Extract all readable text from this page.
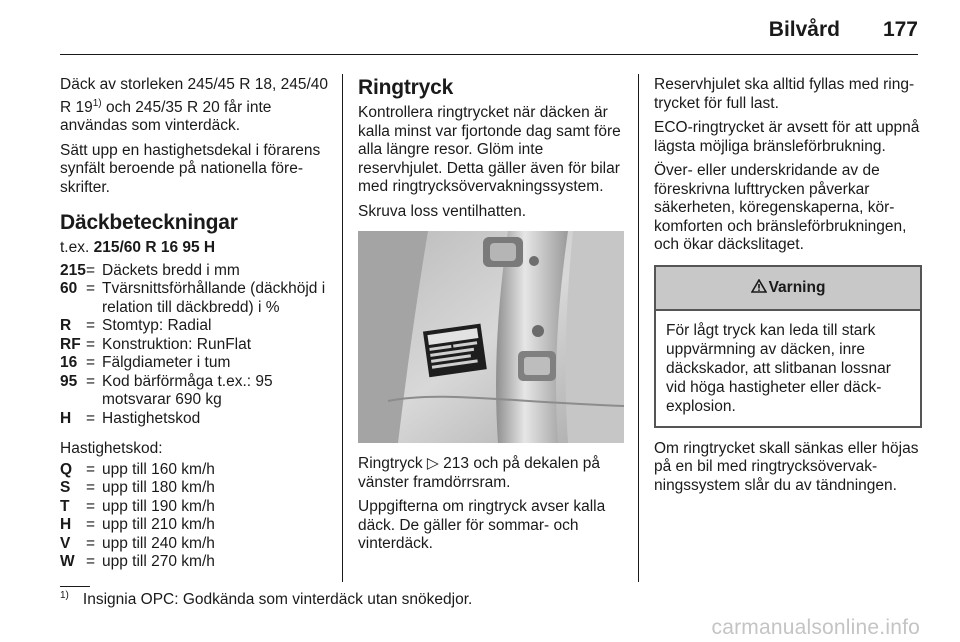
Bilvård 177

Däck av storleken 245/45 R 18, 245/40 R 19$^{1)}$ och 245/35 R 20 får inte användas som vinterdäck.

Sätt upp en hastighetsdekal i förarens synfält beroende på nationella föreskrifter.

Däckbeteckningar
t.ex. 215/60 R 16 95 H
215 = Däckets bredd i mm
60 = Tvärsnittsförhållande (däckhöjd i relation till däckbredd) i %
R = Stomtyp: Radial
RF = Konstruktion: RunFlat
16 = Fälgdiameter i tum
95 = Kod bärförmåga t.ex.: 95 motsvarar 690 kg
H = Hastighetskod

Hastighetskod:

Q = upp till 160 km/h
S	= upp till 180 km/h
T	= upp till 190 km/h
H = upp till 210 km/h
V	= upp till 240 km/h
W = upp till 270 km/h
Ringtryck

Kontrollera ringtrycket när däcken är kalla minst var fjortonde dag samt före alla längre resor. Glöm inte reservhjulet. Detta gäller även för bilar med ringtrycksövervakningssystem.

Skruva loss ventilhatten.

Ringtryck ▷ 213 och på dekalen på vänster framdörrsram.

Uppgifterna om ringtryck avser kalla däck. De gäller för sommar- och vinterdäck.

Reservhjulet ska alltid fyllas med ringtrycket för full last.

ECO-ringtrycket är avsett för att uppnå lägsta möjliga bränsleförbrukning.

Över- eller underskridande av de föreskrivna lufttrycken påverkar säkerheten, köregenskaperna, körkomforten och bränsleförbrukningen, och ökar däckslitaget.

Varning
För lågt tryck kan leda till stark uppvärmning av däcken, inre däckskador, att slitbanan lossnar vid höga hastigheter eller däckexplosion.

Om ringtrycket skall sänkas eller höjas på en bil med ringtrycksövervakningssystem slår du av tändningen.

$^{1)}$ Insignia OPC: Godkända som vinterdäck utan snökedjor.
carmanualsonline.info
